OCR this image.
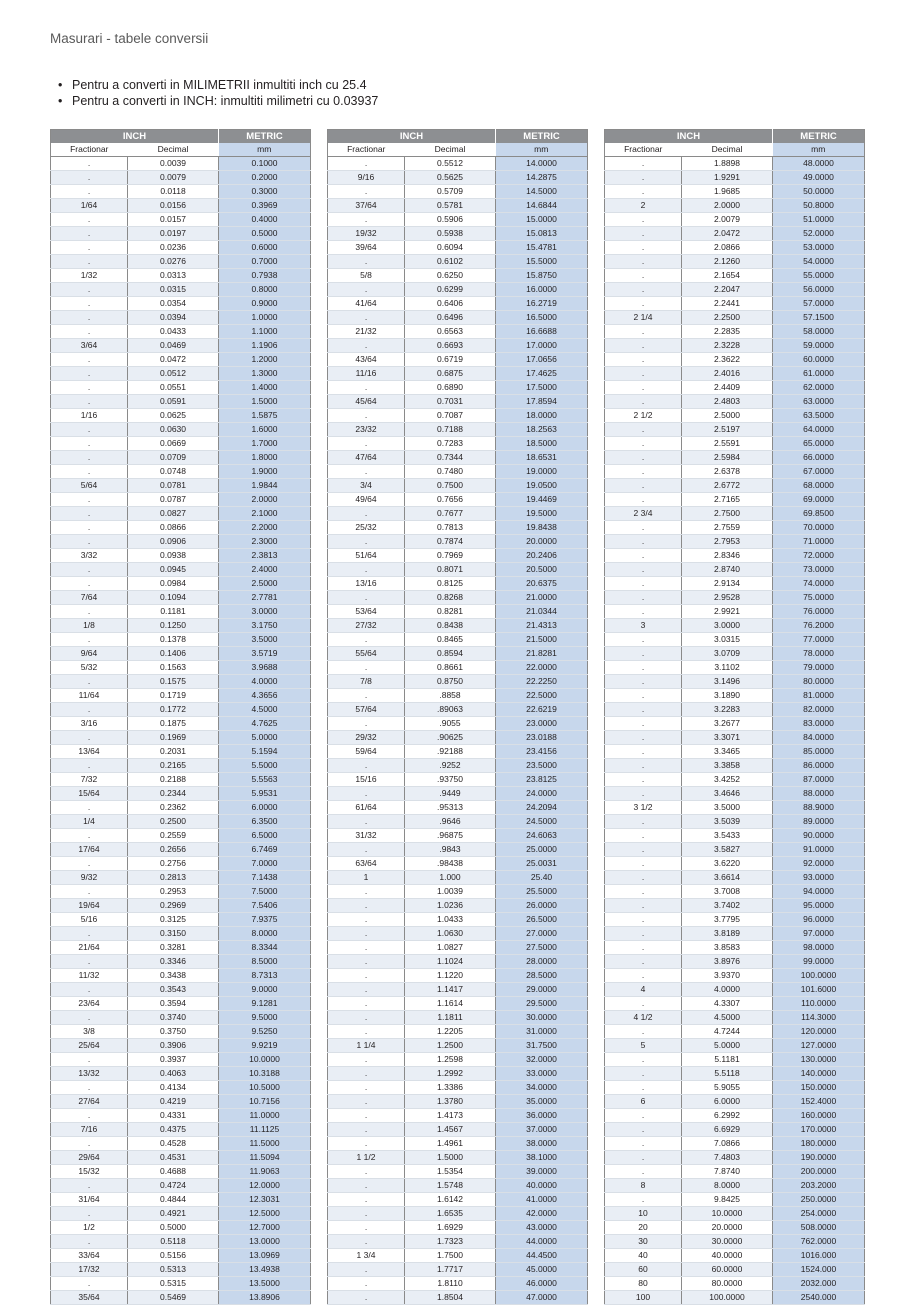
Masurari - tabele conversii
• Pentru a converti in MILIMETRII inmultiti inch cu 25.4
• Pentru a converti in INCH: inmultiti milimetri cu 0.03937
INCH		METRIC
Fractionar	Decimal	mm
.	0.0039	0.1000
.	0.0079	0.2000
.	0.0118	0.3000
1/64	0.0156	0.3969
.	0.0157	0.4000
.	0.0197	0.5000
.	0.0236	0.6000
.	0.0276	0.7000
1/32	0.0313	0.7938
.	0.0315	0.8000
.	0.0354	0.9000
.	0.0394	1.0000
.	0.0433	1.1000
3/64	0.0469	1.1906
.	0.0472	1.2000
.	0.0512	1.3000
.	0.0551	1.4000
.	0.0591	1.5000
1/16	0.0625	1.5875
.	0.0630	1.6000
.	0.0669	1.7000
.	0.0709	1.8000
.	0.0748	1.9000
5/64	0.0781	1.9844
.	0.0787	2.0000
.	0.0827	2.1000
.	0.0866	2.2000
.	0.0906	2.3000
3/32	0.0938	2.3813
.	0.0945	2.4000
.	0.0984	2.5000
7/64	0.1094	2.7781
.	0.1181	3.0000
1/8	0.1250	3.1750
.	0.1378	3.5000
9/64	0.1406	3.5719
5/32	0.1563	3.9688
.	0.1575	4.0000
11/64	0.1719	4.3656
.	0.1772	4.5000
3/16	0.1875	4.7625
.	0.1969	5.0000
13/64	0.2031	5.1594
.	0.2165	5.5000
7/32	0.2188	5.5563
15/64	0.2344	5.9531
.	0.2362	6.0000
1/4	0.2500	6.3500
.	0.2559	6.5000
17/64	0.2656	6.7469
.	0.2756	7.0000
9/32	0.2813	7.1438
.	0.2953	7.5000
19/64	0.2969	7.5406
5/16	0.3125	7.9375
.	0.3150	8.0000
21/64	0.3281	8.3344
.	0.3346	8.5000
11/32	0.3438	8.7313
.	0.3543	9.0000
23/64	0.3594	9.1281
.	0.3740	9.5000
3/8	0.3750	9.5250
25/64	0.3906	9.9219
.	0.3937	10.0000
13/32	0.4063	10.3188
.	0.4134	10.5000
27/64	0.4219	10.7156
.	0.4331	11.0000
7/16	0.4375	11.1125
.	0.4528	11.5000
29/64	0.4531	11.5094
15/32	0.4688	11.9063
.	0.4724	12.0000
31/64	0.4844	12.3031
.	0.4921	12.5000
1/2	0.5000	12.7000
.	0.5118	13.0000
33/64	0.5156	13.0969
17/32	0.5313	13.4938
.	0.5315	13.5000
35/64	0.5469	13.8906
INCH		METRIC
Fractionar	Decimal	mm
.	0.5512	14.0000
9/16	0.5625	14.2875
.	0.5709	14.5000
37/64	0.5781	14.6844
.	0.5906	15.0000
19/32	0.5938	15.0813
39/64	0.6094	15.4781
.	0.6102	15.5000
5/8	0.6250	15.8750
.	0.6299	16.0000
41/64	0.6406	16.2719
.	0.6496	16.5000
21/32	0.6563	16.6688
.	0.6693	17.0000
43/64	0.6719	17.0656
11/16	0.6875	17.4625
.	0.6890	17.5000
45/64	0.7031	17.8594
.	0.7087	18.0000
23/32	0.7188	18.2563
.	0.7283	18.5000
47/64	0.7344	18.6531
.	0.7480	19.0000
3/4	0.7500	19.0500
49/64	0.7656	19.4469
.	0.7677	19.5000
25/32	0.7813	19.8438
.	0.7874	20.0000
51/64	0.7969	20.2406
.	0.8071	20.5000
13/16	0.8125	20.6375
.	0.8268	21.0000
53/64	0.8281	21.0344
27/32	0.8438	21.4313
.	0.8465	21.5000
55/64	0.8594	21.8281
.	0.8661	22.0000
7/8	0.8750	22.2250
.	.8858	22.5000
57/64	.89063	22.6219
.	.9055	23.0000
29/32	.90625	23.0188
59/64	.92188	23.4156
.	.9252	23.5000
15/16	.93750	23.8125
.	.9449	24.0000
61/64	.95313	24.2094
.	.9646	24.5000
31/32	.96875	24.6063
.	.9843	25.0000
63/64	.98438	25.0031
1	1.000	25.40
.	1.0039	25.5000
.	1.0236	26.0000
.	1.0433	26.5000
.	1.0630	27.0000
.	1.0827	27.5000
.	1.1024	28.0000
.	1.1220	28.5000
.	1.1417	29.0000
.	1.1614	29.5000
.	1.1811	30.0000
.	1.2205	31.0000
1 1/4	1.2500	31.7500
.	1.2598	32.0000
.	1.2992	33.0000
.	1.3386	34.0000
.	1.3780	35.0000
.	1.4173	36.0000
.	1.4567	37.0000
.	1.4961	38.0000
1 1/2	1.5000	38.1000
.	1.5354	39.0000
.	1.5748	40.0000
.	1.6142	41.0000
.	1.6535	42.0000
.	1.6929	43.0000
.	1.7323	44.0000
1 3/4	1.7500	44.4500
.	1.7717	45.0000
.	1.8110	46.0000
.	1.8504	47.0000
INCH		METRIC
Fractionar	Decimal	mm
.	1.8898	48.0000
.	1.9291	49.0000
.	1.9685	50.0000
2	2.0000	50.8000
.	2.0079	51.0000
.	2.0472	52.0000
.	2.0866	53.0000
.	2.1260	54.0000
.	2.1654	55.0000
.	2.2047	56.0000
.	2.2441	57.0000
2 1/4	2.2500	57.1500
.	2.2835	58.0000
.	2.3228	59.0000
.	2.3622	60.0000
.	2.4016	61.0000
.	2.4409	62.0000
.	2.4803	63.0000
2 1/2	2.5000	63.5000
.	2.5197	64.0000
.	2.5591	65.0000
.	2.5984	66.0000
.	2.6378	67.0000
.	2.6772	68.0000
.	2.7165	69.0000
2 3/4	2.7500	69.8500
.	2.7559	70.0000
.	2.7953	71.0000
.	2.8346	72.0000
.	2.8740	73.0000
.	2.9134	74.0000
.	2.9528	75.0000
.	2.9921	76.0000
3	3.0000	76.2000
.	3.0315	77.0000
.	3.0709	78.0000
.	3.1102	79.0000
.	3.1496	80.0000
.	3.1890	81.0000
.	3.2283	82.0000
.	3.2677	83.0000
.	3.3071	84.0000
.	3.3465	85.0000
.	3.3858	86.0000
.	3.4252	87.0000
.	3.4646	88.0000
3 1/2	3.5000	88.9000
.	3.5039	89.0000
.	3.5433	90.0000
.	3.5827	91.0000
.	3.6220	92.0000
.	3.6614	93.0000
.	3.7008	94.0000
.	3.7402	95.0000
.	3.7795	96.0000
.	3.8189	97.0000
.	3.8583	98.0000
.	3.8976	99.0000
.	3.9370	100.0000
4	4.0000	101.6000
.	4.3307	110.0000
4 1/2	4.5000	114.3000
.	4.7244	120.0000
5	5.0000	127.0000
.	5.1181	130.0000
.	5.5118	140.0000
.	5.9055	150.0000
6	6.0000	152.4000
.	6.2992	160.0000
.	6.6929	170.0000
.	7.0866	180.0000
.	7.4803	190.0000
.	7.8740	200.0000
8	8.0000	203.2000
.	9.8425	250.0000
10	10.0000	254.0000
20	20.0000	508.0000
30	30.0000	762.0000
40	40.0000	1016.000
60	60.0000	1524.000
80	80.0000	2032.000
100	100.0000	2540.000
